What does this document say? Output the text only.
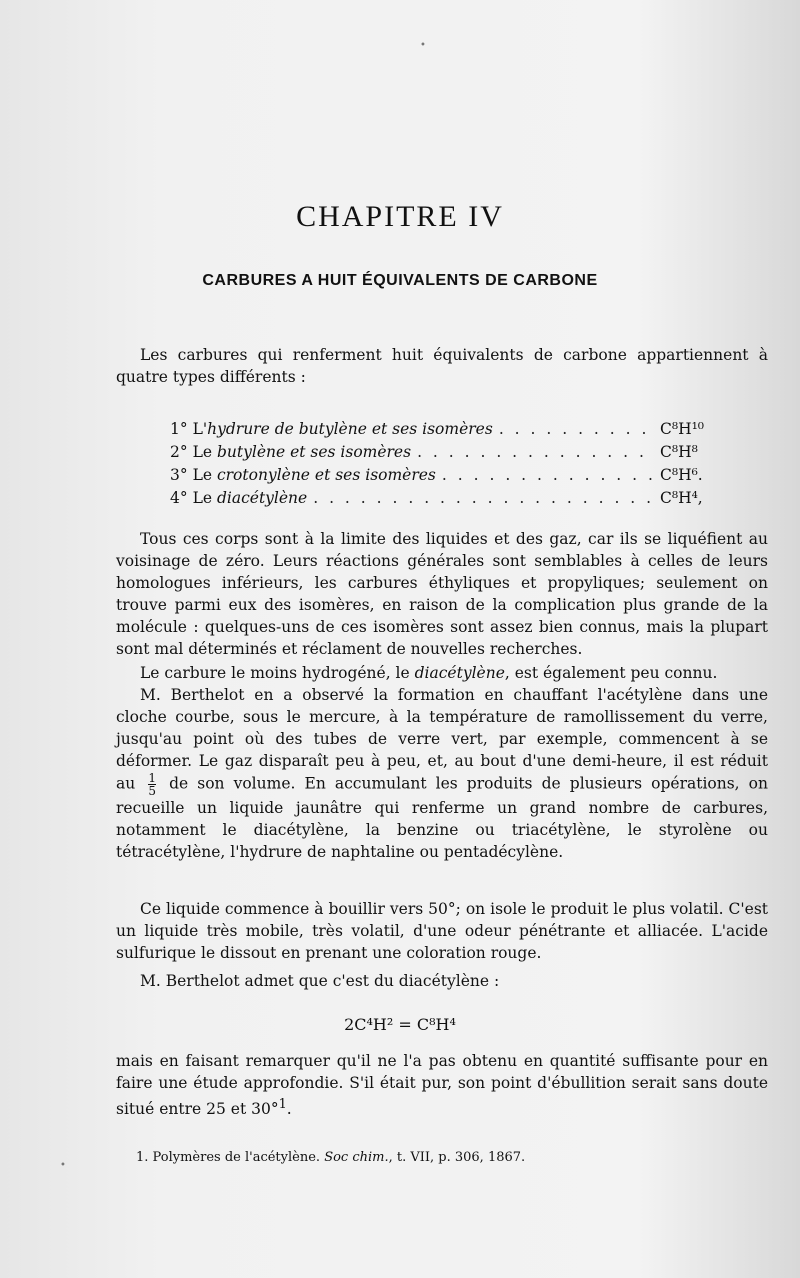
•
•
CHAPITRE IV
CARBURES A HUIT ÉQUIVALENTS DE CARBONE

Les carbures qui renferment huit équivalents de carbone appartiennent à quatre types différents :

1° L'hydrure de butylène et ses isomères . . .	C⁸H¹⁰
2° Le butylène et ses isomères . . .	C⁸H⁸
3° Le crotonylène et ses isomères . . .	C⁸H⁶.
4° Le diacétylène . . .	C⁸H⁴,

Tous ces corps sont à la limite des liquides et des gaz, car ils se liquéfient au voisinage de zéro. Leurs réactions générales sont semblables à celles de leurs homologues inférieurs, les carbures éthyliques et propyliques; seulement on trouve parmi eux des isomères, en raison de la complication plus grande de la molécule : quelques-uns de ces isomères sont assez bien connus, mais la plupart sont mal déterminés et réclament de nouvelles recherches.

Le carbure le moins hydrogéné, le diacétylène, est également peu connu.

M. Berthelot en a observé la formation en chauffant l'acétylène dans une cloche courbe, sous le mercure, à la température de ramollissement du verre, jusqu'au point où des tubes de verre vert, par exemple, commencent à se déformer. Le gaz disparaît peu à peu, et, au bout d'une demi-heure, il est réduit au $\frac{1}{5}$ de son volume. En accumulant les produits de plusieurs opérations, on recueille un liquide jaunâtre qui renferme un grand nombre de carbures, notamment le diacétylène, la benzine ou triacétylène, le styrolène ou tétracétylène, l'hydrure de naphtaline ou pentadécylène.

Ce liquide commence à bouillir vers 50°; on isole le produit le plus volatil. C'est un liquide très mobile, très volatil, d'une odeur pénétrante et alliacée. L'acide sulfurique le dissout en prenant une coloration rouge.

M. Berthelot admet que c'est du diacétylène :

2C⁴H² = C⁸H⁴

mais en faisant remarquer qu'il ne l'a pas obtenu en quantité suffisante pour en faire une étude approfondie. S'il était pur, son point d'ébullition serait sans doute situé entre 25 et 30°$^1$.

1. Polymères de l'acétylène. Soc chim., t. VII, p. 306, 1867.
